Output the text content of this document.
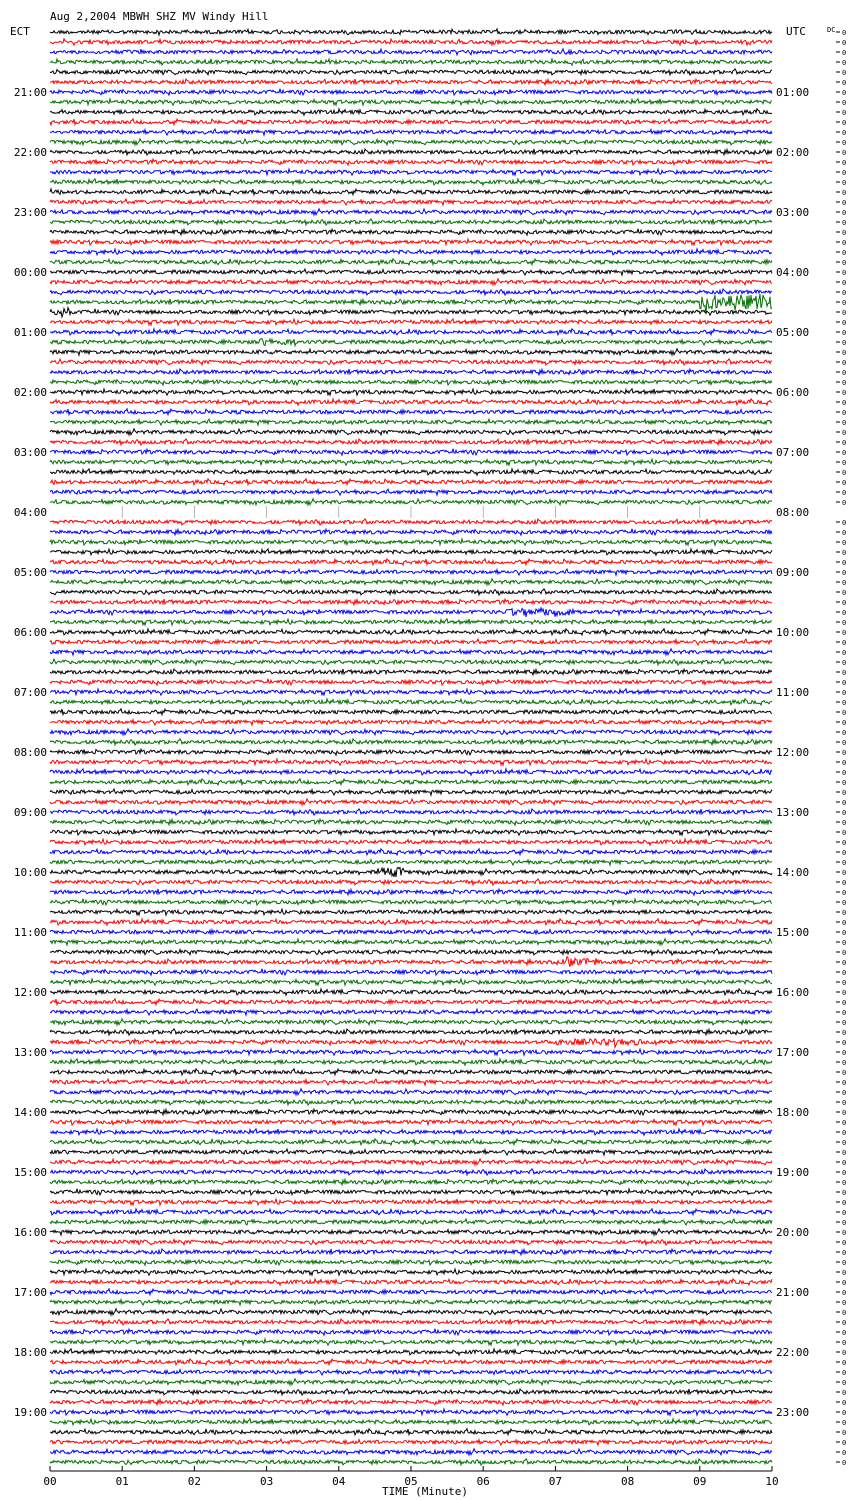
Aug 2,2004 MBWH SHZ MV Windy Hill
ECT	UTC	DC
21:00
22:00
23:00
00:00
01:00
02:00
03:00
04:00
05:00
06:00
07:00
08:00
09:00
10:00
11:00
12:00
13:00
14:00
15:00
16:00
17:00
18:00
19:00
01:00
02:00
03:00
04:00
05:00
06:00
07:00
08:00
09:00
10:00
11:00
12:00
13:00
14:00
15:00
16:00
17:00
18:00
19:00
20:00
21:00
22:00
23:00
0
0
0
0
0
0
0
0
0
0
0
0
0
0
0
0
0
0
0
0
0
0
0
0
0
0
0
0
0
0
0
0
0
0
0
0
0
0
0
0
0
0
0
0
0
0
0
0
0
0
0
0
0
0
0
0
0
0
0
0
0
0
0
0
0
0
0
0
0
0
0
0
0
0
0
0
0
0
0
0
0
0
0
0
0
0
0
0
0
0
0
0
0
0
0
0
0
0
0
0
0
0
0
0
0
0
0
0
0
0
0
0
0
0
0
0
0
0
0
0
0
0
0
0
0
0
0
0
0
0
0
0
0
0
0
0
0
0
0
0
0
0
0
00	01	02	03	04	05	06	07	08	09	10
TIME (Minute)
